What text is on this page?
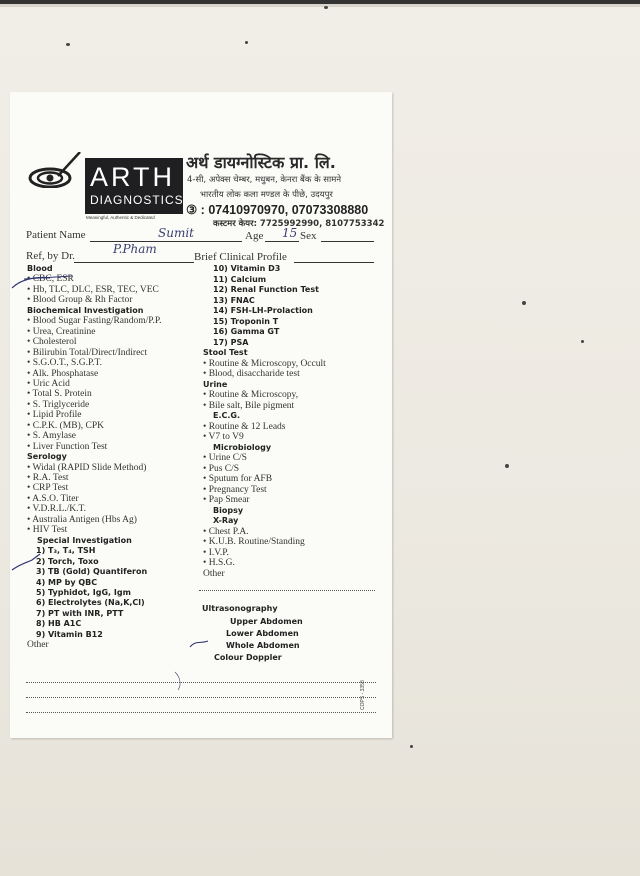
ARTH
DIAGNOSTICS
Meaningful, Authentic & Dedicated
अर्थ डायग्नोस्टिक प्रा. लि.
4-सी, अपेक्स चेम्बर, मधुबन, केनरा बैंक के सामने
भारतीय लोक कला मण्डल के पीछे, उदयपुर
③ : 07410970970, 07073308880
कस्टमर केयर: 7725992990, 8107753342
Patient Name	Sumit	Age 15 Sex
Ref, by Dr.	P.Pham
Brief Clinical Profile
Blood
• CBC, ESR
• Hb, TLC, DLC, ESR, TEC, VEC
• Blood Group & Rh Factor
Biochemical Investigation
• Blood Sugar Fasting/Random/P.P.
• Urea, Creatinine
• Cholesterol
• Bilirubin Total/Direct/Indirect
• S.G.O.T., S.G.P.T.
• Alk. Phosphatase
• Uric Acid
• Total S. Protein
• S. Triglyceride
• Lipid Profile
• C.P.K. (MB), CPK
• S. Amylase
• Liver Function Test
Serology
• Widal (RAPID Slide Method)
• R.A. Test
• CRP Test
• A.S.O. Titer
• V.D.R.L./K.T.
• Australia Antigen (Hbs Ag)
• HIV Test
Special Investigation
1) T₃, T₄, TSH
2) Torch, Toxo
3) TB (Gold) Quantiferon
4) MP by QBC
5) Typhidot, IgG, Igm
6) Electrolytes (Na,K,Cl)
7) PT with INR, PTT
8) HB A1C
9) Vitamin B12
Other
10) Vitamin D3
11) Calcium
12) Renal Function Test
13) FNAC
14) FSH-LH-Prolaction
15) Troponin T
16) Gamma GT
17) PSA
Stool Test
• Routine & Microscopy, Occult
• Blood, disaccharide test
Urine
• Routine & Microscopy,
• Bile salt, Bile pigment
E.C.G.
• Routine & 12 Leads
• V7 to V9
Microbiology
• Urine C/S
• Pus C/S
• Sputum for AFB
• Pregnancy Test
• Pap Smear
Biopsy
X-Ray
• Chest P.A.
• K.U.B. Routine/Standing
• I.V.P.
• H.S.G.
Other
Ultrasonography
Upper Abdomen
Lower Abdomen
Whole Abdomen
Colour Doppler
COPS - 3358
